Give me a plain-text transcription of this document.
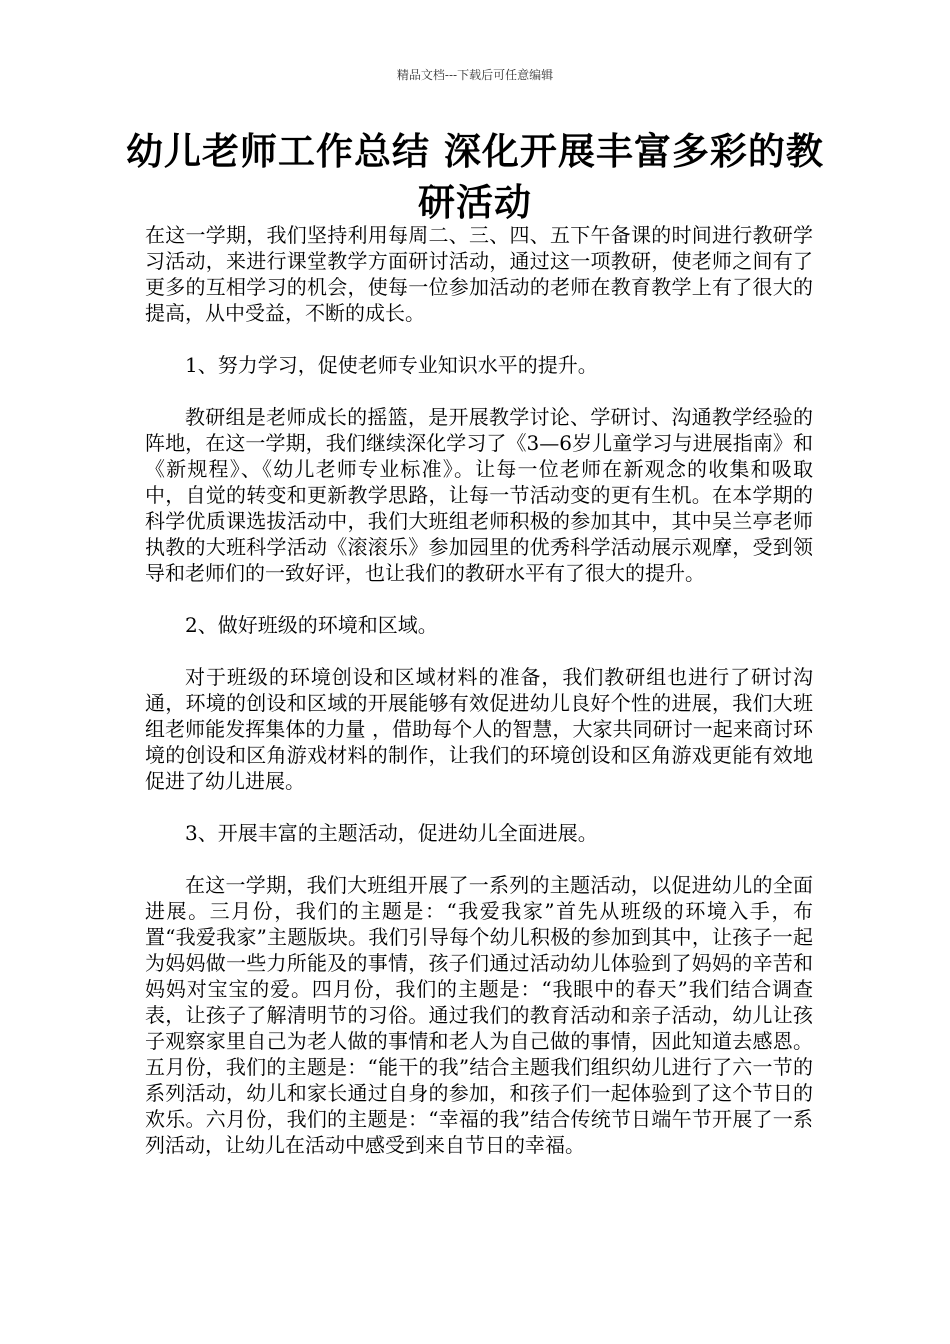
精品文档---下载后可任意编辑
幼儿老师工作总结 深化开展丰富多彩的教研活动

在这一学期，我们坚持利用每周二、三、四、五下午备课的时间进行教研学习活动，来进行课堂教学方面研讨活动，通过这一项教研，使老师之间有了更多的互相学习的机会，使每一位参加活动的老师在教育教学上有了很大的提高，从中受益，不断的成长。

1、努力学习，促使老师专业知识水平的提升。

教研组是老师成长的摇篮，是开展教学讨论、学研讨、沟通教学经验的阵地，在这一学期，我们继续深化学习了《3—6岁儿童学习与进展指南》和《新规程》、《幼儿老师专业标准》。让每一位老师在新观念的收集和吸取中，自觉的转变和更新教学思路，让每一节活动变的更有生机。在本学期的科学优质课选拔活动中，我们大班组老师积极的参加其中，其中吴兰亭老师执教的大班科学活动《滚滚乐》参加园里的优秀科学活动展示观摩，受到领导和老师们的一致好评，也让我们的教研水平有了很大的提升。

2、做好班级的环境和区域。

对于班级的环境创设和区域材料的准备，我们教研组也进行了研讨沟通，环境的创设和区域的开展能够有效促进幼儿良好个性的进展，我们大班组老师能发挥集体的力量 ，借助每个人的智慧，大家共同研讨一起来商讨环境的创设和区角游戏材料的制作，让我们的环境创设和区角游戏更能有效地促进了幼儿进展。

3、开展丰富的主题活动，促进幼儿全面进展。

在这一学期，我们大班组开展了一系列的主题活动，以促进幼儿的全面进展。三月份，我们的主题是：“我爱我家”首先从班级的环境入手，布置“我爱我家”主题版块。我们引导每个幼儿积极的参加到其中，让孩子一起为妈妈做一些力所能及的事情，孩子们通过活动幼儿体验到了妈妈的辛苦和妈妈对宝宝的爱。四月份，我们的主题是：“我眼中的春天”我们结合调查表，让孩子了解清明节的习俗。通过我们的教育活动和亲子活动，幼儿让孩子观察家里自己为老人做的事情和老人为自己做的事情，因此知道去感恩。五月份，我们的主题是：“能干的我”结合主题我们组织幼儿进行了六一节的系列活动，幼儿和家长通过自身的参加，和孩子们一起体验到了这个节日的欢乐。六月份，我们的主题是：“幸福的我”结合传统节日端午节开展了一系列活动，让幼儿在活动中感受到来自节日的幸福。
